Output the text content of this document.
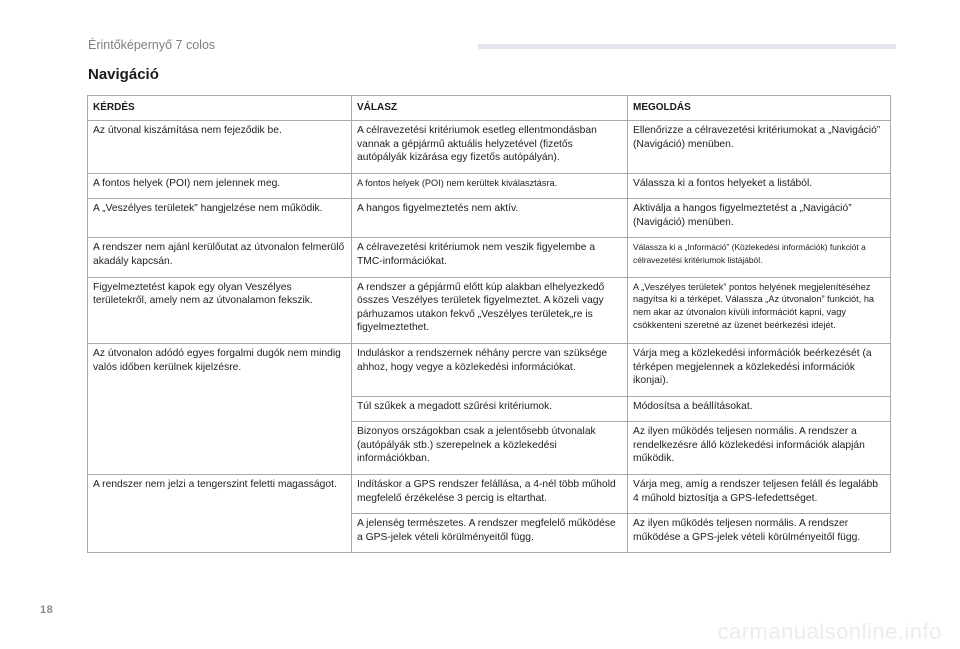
Érintőképernyő 7 colos
Navigáció
KÉRDÉS	VÁLASZ	MEGOLDÁS
Az útvonal kiszámítása nem fejeződik be.	A célravezetési kritériumok esetleg ellentmondásban vannak a gépjármű aktuális helyzetével (fizetős autópályák kizárása egy fizetős autópályán).	Ellenőrizze a célravezetési kritériumokat a „Navigáció” (Navigáció) menüben.
A fontos helyek (POI) nem jelennek meg.	A fontos helyek (POI) nem kerültek kiválasztásra.	Válassza ki a fontos helyeket a listából.
A „Veszélyes területek” hangjelzése nem működik.	A hangos figyelmeztetés nem aktív.	Aktiválja a hangos figyelmeztetést a „Navigáció” (Navigáció) menüben.
A rendszer nem ajánl kerülőutat az útvonalon felmerülő akadály kapcsán.	A célravezetési kritériumok nem veszik figyelembe a TMC-információkat.	Válassza ki a „Információ” (Közlekedési információk) funkciót a célravezetési kritériumok listájából.
Figyelmeztetést kapok egy olyan Veszélyes területekről, amely nem az útvonalamon fekszik.	A rendszer a gépjármű előtt kúp alakban elhelyezkedő összes Veszélyes területek figyelmeztet. A közeli vagy párhuzamos utakon fekvő „Veszélyes területek„re is figyelmeztethet.	A „Veszélyes területek” pontos helyének megjelenítéséhez nagyítsa ki a térképet. Válassza „Az útvonalon” funkciót, ha nem akar az útvonalon kívüli információt kapni, vagy csökkenteni szeretné az üzenet beérkezési idejét.
Az útvonalon adódó egyes forgalmi dugók nem mindig valós időben kerülnek kijelzésre.	Induláskor a rendszernek néhány percre van szüksége ahhoz, hogy vegye a közlekedési információkat.	Várja meg a közlekedési információk beérkezését (a térképen megjelennek a közlekedési információk ikonjai).
	Túl szűkek a megadott szűrési kritériumok.	Módosítsa a beállításokat.
	Bizonyos országokban csak a jelentősebb útvonalak (autópályák stb.) szerepelnek a közlekedési információkban.	Az ilyen működés teljesen normális. A rendszer a rendelkezésre álló közlekedési információk alapján működik.
A rendszer nem jelzi a tengerszint feletti magasságot.	Indításkor a GPS rendszer felállása, a 4-nél több műhold megfelelő érzékelése 3 percig is eltarthat.	Várja meg, amíg a rendszer teljesen feláll és legalább 4 műhold biztosítja a GPS-lefedettséget.
	A jelenség természetes. A rendszer megfelelő működése a GPS-jelek vételi körülményeitől függ.	Az ilyen működés teljesen normális. A rendszer működése a GPS-jelek vételi körülményeitől függ.
18
carmanualsonline.info
